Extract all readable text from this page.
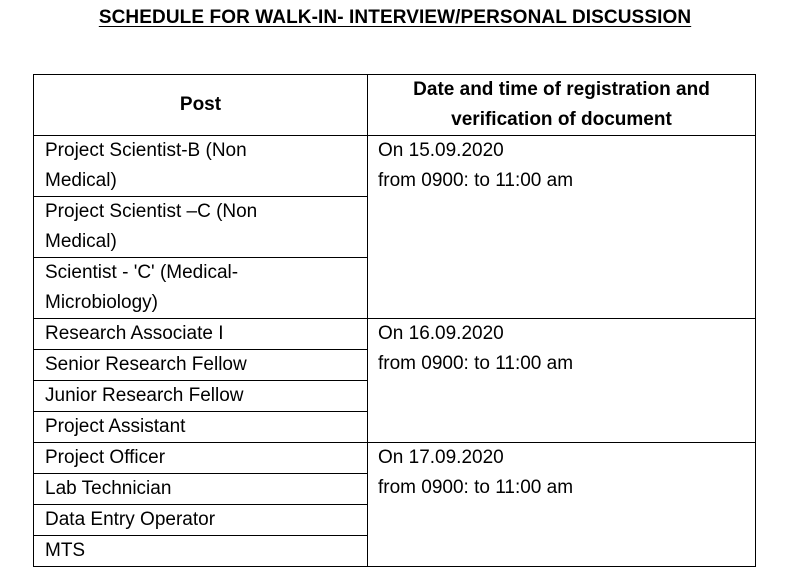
SCHEDULE FOR WALK-IN- INTERVIEW/PERSONAL DISCUSSION
Post	Date and time of registration and
verification of document

Project Scientist-B (Non
Medical)	On 15.09.2020
from 0900: to 11:00 am

Project Scientist –C (Non
Medical)	

Scientist - 'C' (Medical-
Microbiology)	

Research Associate I	On 16.09.2020
from 0900: to 11:00 am

Senior Research Fellow	

Junior Research Fellow	

Project Assistant	

Project Officer	On 17.09.2020
from 0900: to 11:00 am

Lab Technician	

Data Entry Operator	

MTS	
